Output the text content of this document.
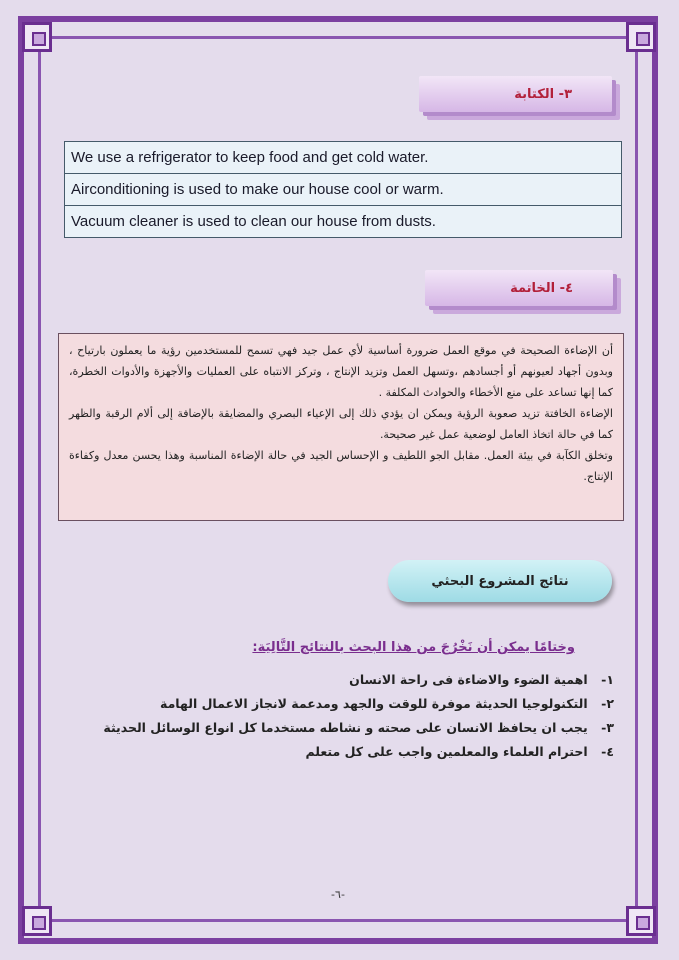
٣- الكتابة
We use a refrigerator to keep food and get cold water.
Airconditioning is used to make our house cool or warm.
Vacuum cleaner is used to clean our house from dusts.
٤- الخاتمة

أن الإضاءة الصحيحة في موقع العمل ضرورة أساسية لأي عمل جيد فهي تسمح للمستخدمين رؤية ما يعملون بارتياح ، وبدون أجهاد لعيونهم أو أجسادهم ،وتسهل العمل وتزيد الإنتاج ، وتركز الانتباه على العمليات والأجهزة والأدوات الخطرة، كما إنها تساعد على منع الأخطاء والحوادث المكلفة .

الإضاءة الخافتة تزيد صعوبة الرؤية ويمكن ان يؤدي ذلك إلى الإعياء البصري والمضايقة بالإضافة إلى ألام الرقبة والظهر كما في حالة اتخاذ العامل لوضعية عمل غير صحيحة.

وتخلق الكآبة في بيئة العمل. مقابل الجو اللطيف و الإحساس الجيد في حالة الإضاءة المناسبة وهذا يحسن معدل وكفاءة الإنتاج.

نتائج المشروع البحثي
وختامًا يمكن أن نَخْرُجَ من هذا البحث بالنتائج التَّالِيَة:
١- اهمية الضوء والاضاءة فى راحة الانسان
٢- التكنولوجيا الحديثة موفرة للوقت والجهد ومدعمة لانجاز الاعمال الهامة
٣- يجب ان يحافظ الانسان على صحته و نشاطه مستخدما كل انواع الوسائل الحديثة
٤- احترام العلماء والمعلمين واجب على كل متعلم
-٦-
